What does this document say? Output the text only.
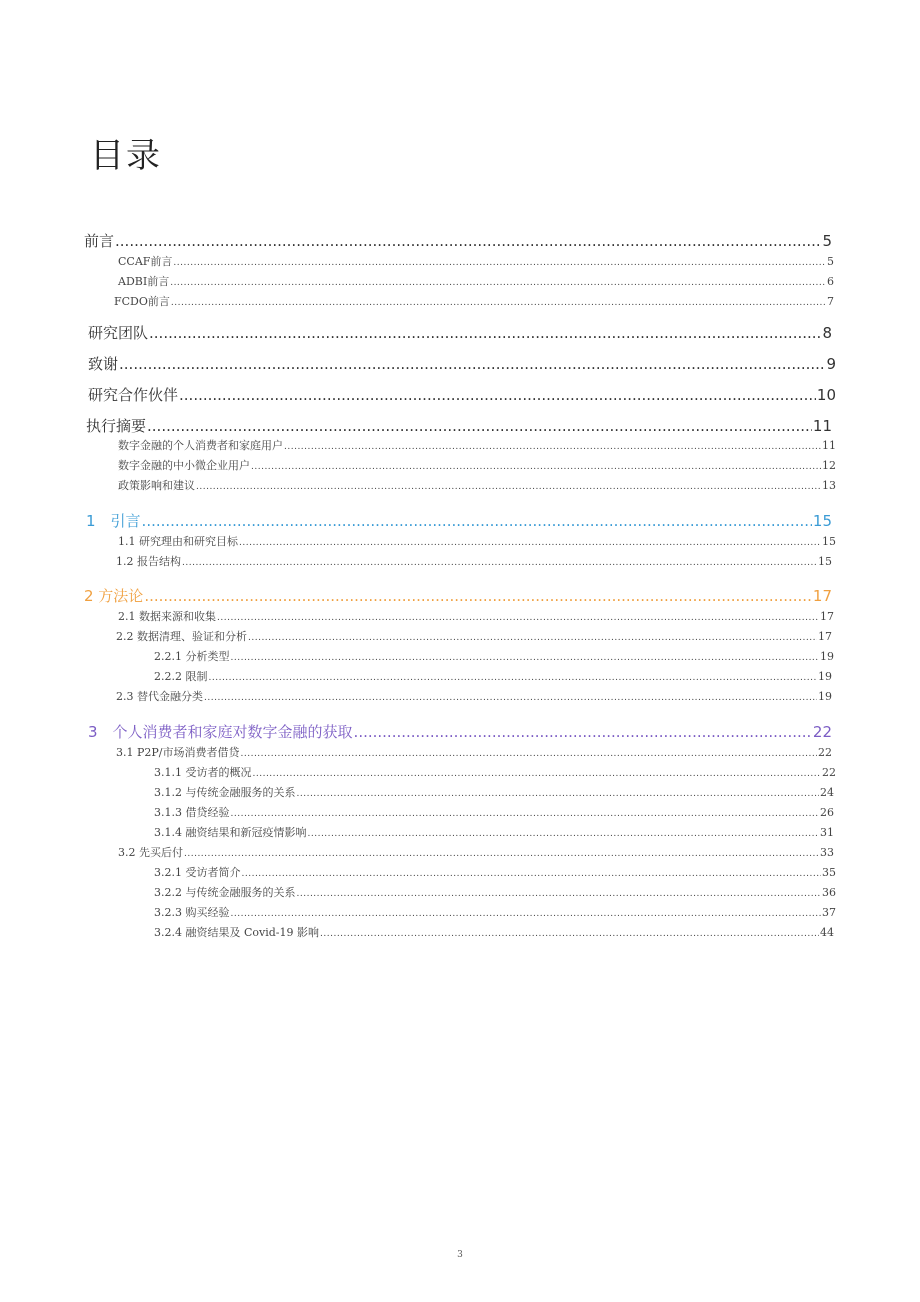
目录
前言 .....	5
CCAF前言 .....	5
ADBI前言 .....	6
FCDO前言 .....	7
研究团队 .....	8
致谢 .....	9
研究合作伙伴 .....	10
执行摘要 .....	11
数字金融的个人消费者和家庭用户 .....	11
数字金融的中小微企业用户 .....	12
政策影响和建议 .....	13
1　引言 .....	15
1.1 研究理由和研究目标 .....	15
1.2 报告结构 .....	15
2 方法论 .....	17
2.1 数据来源和收集 .....	17
2.2 数据清理、验证和分析 .....	17
2.2.1 分析类型 .....	19
2.2.2 限制 .....	19
2.3 替代金融分类 .....	19
3　个人消费者和家庭对数字金融的获取 .....	22
3.1 P2P/市场消费者借贷 .....	22
3.1.1 受访者的概况 .....	22
3.1.2 与传统金融服务的关系 .....	24
3.1.3 借贷经验 .....	26
3.1.4 融资结果和新冠疫情影响 .....	31
3.2 先买后付 .....	33
3.2.1 受访者简介 .....	35
3.2.2 与传统金融服务的关系 .....	36
3.2.3 购买经验 .....	37
3.2.4 融资结果及 Covid-19 影响 .....	44
3
